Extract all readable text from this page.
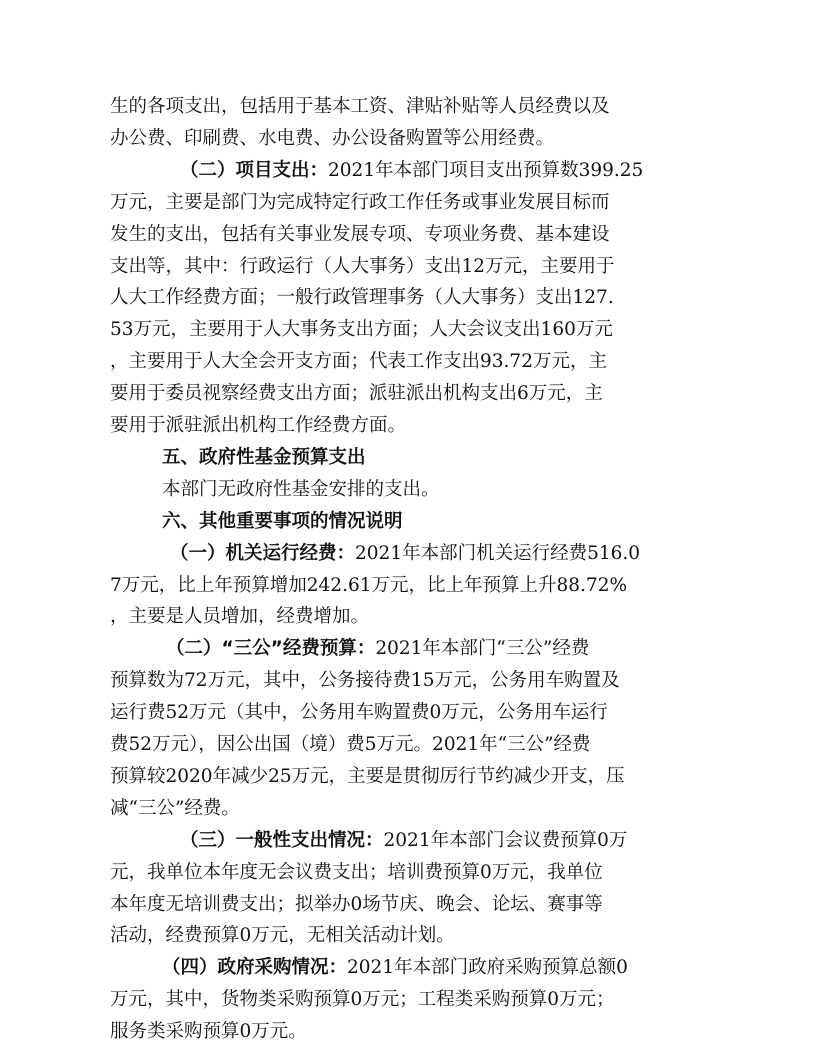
生的各项支出，包括用于基本工资、津贴补贴等人员经费以及
办公费、印刷费、水电费、办公设备购置等公用经费。
（二）项目支出：2021年本部门项目支出预算数399.25
万元，主要是部门为完成特定行政工作任务或事业发展目标而
发生的支出，包括有关事业发展专项、专项业务费、基本建设
支出等，其中：行政运行（人大事务）支出12万元，主要用于
人大工作经费方面；一般行政管理事务（人大事务）支出127.
53万元，主要用于人大事务支出方面；人大会议支出160万元
，主要用于人大全会开支方面；代表工作支出93.72万元，主
要用于委员视察经费支出方面；派驻派出机构支出6万元，主
要用于派驻派出机构工作经费方面。
五、政府性基金预算支出
本部门无政府性基金安排的支出。
六、其他重要事项的情况说明
（一）机关运行经费：2021年本部门机关运行经费516.0
7万元，比上年预算增加242.61万元，比上年预算上升88.72%
，主要是人员增加，经费增加。
（二）“三公”经费预算：2021年本部门“三公”经费
预算数为72万元，其中，公务接待费15万元，公务用车购置及
运行费52万元（其中，公务用车购置费0万元，公务用车运行
费52万元），因公出国（境）费5万元。2021年“三公”经费
预算较2020年减少25万元，主要是贯彻厉行节约减少开支，压
减“三公”经费。
（三）一般性支出情况：2021年本部门会议费预算0万
元，我单位本年度无会议费支出；培训费预算0万元，我单位
本年度无培训费支出；拟举办0场节庆、晚会、论坛、赛事等
活动，经费预算0万元，无相关活动计划。
（四）政府采购情况：2021年本部门政府采购预算总额0
万元，其中，货物类采购预算0万元；工程类采购预算0万元；
服务类采购预算0万元。
